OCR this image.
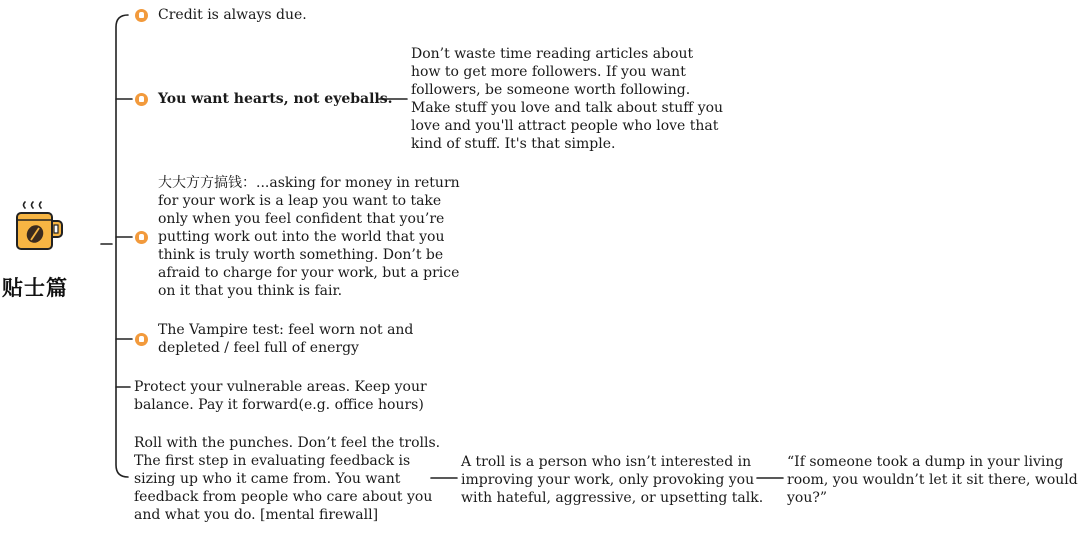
贴士篇
Credit is always due.
You want hearts, not eyeballs.
Don’t waste time reading articles about
how to get more followers. If you want
followers, be someone worth following.
Make stuff you love and talk about stuff you
love and you'll attract people who love that
kind of stuff. It's that simple.
大大方方搞钱：...asking for money in return
for your work is a leap you want to take
only when you feel confident that you’re
putting work out into the world that you
think is truly worth something. Don’t be
afraid to charge for your work, but a price
on it that you think is fair.
The Vampire test: feel worn not and
depleted / feel full of energy
Protect your vulnerable areas. Keep your
balance. Pay it forward(e.g. office hours)
Roll with the punches. Don’t feel the trolls.
The first step in evaluating feedback is
sizing up who it came from. You want
feedback from people who care about you
and what you do. [mental firewall]
A troll is a person who isn’t interested in
improving your work, only provoking you
with hateful, aggressive, or upsetting talk.
“If someone took a dump in your living
room, you wouldn’t let it sit there, would
you?”
